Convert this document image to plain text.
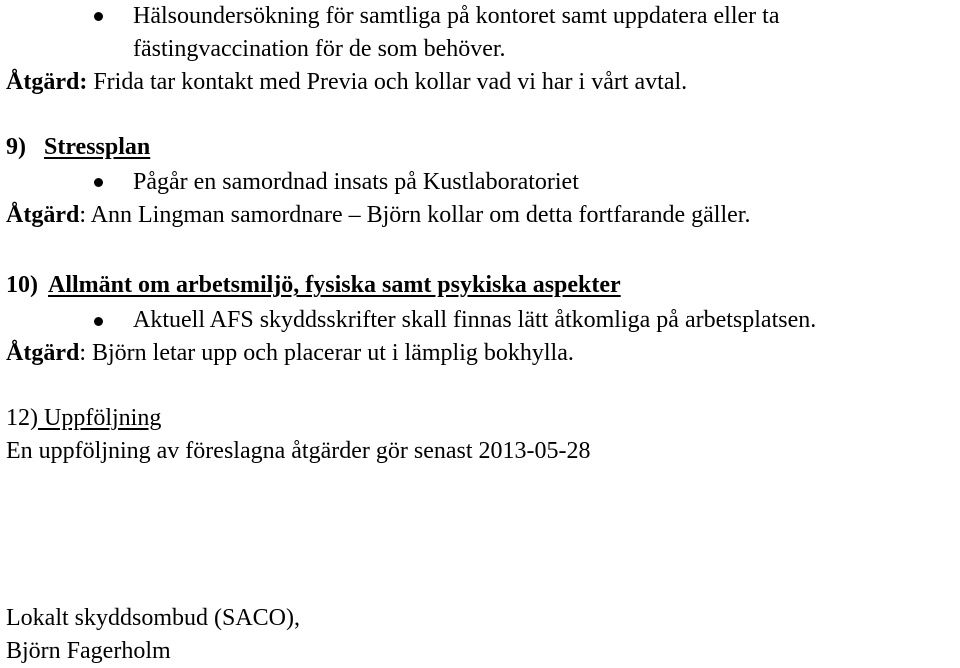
Hälsoundersökning för samtliga på kontoret samt uppdatera eller ta
fästingvaccination för de som behöver.
Åtgärd: Frida tar kontakt med Previa och kollar vad vi har i vårt avtal.
9) Stressplan
Pågår en samordnad insats på Kustlaboratoriet
Åtgärd: Ann Lingman samordnare – Björn kollar om detta fortfarande gäller.
10) Allmänt om arbetsmiljö, fysiska samt psykiska aspekter
Aktuell AFS skyddsskrifter skall finnas lätt åtkomliga på arbetsplatsen.
Åtgärd: Björn letar upp och placerar ut i lämplig bokhylla.
12) Uppföljning
En uppföljning av föreslagna åtgärder gör senast 2013-05-28
Lokalt skyddsombud (SACO),
Björn Fagerholm
